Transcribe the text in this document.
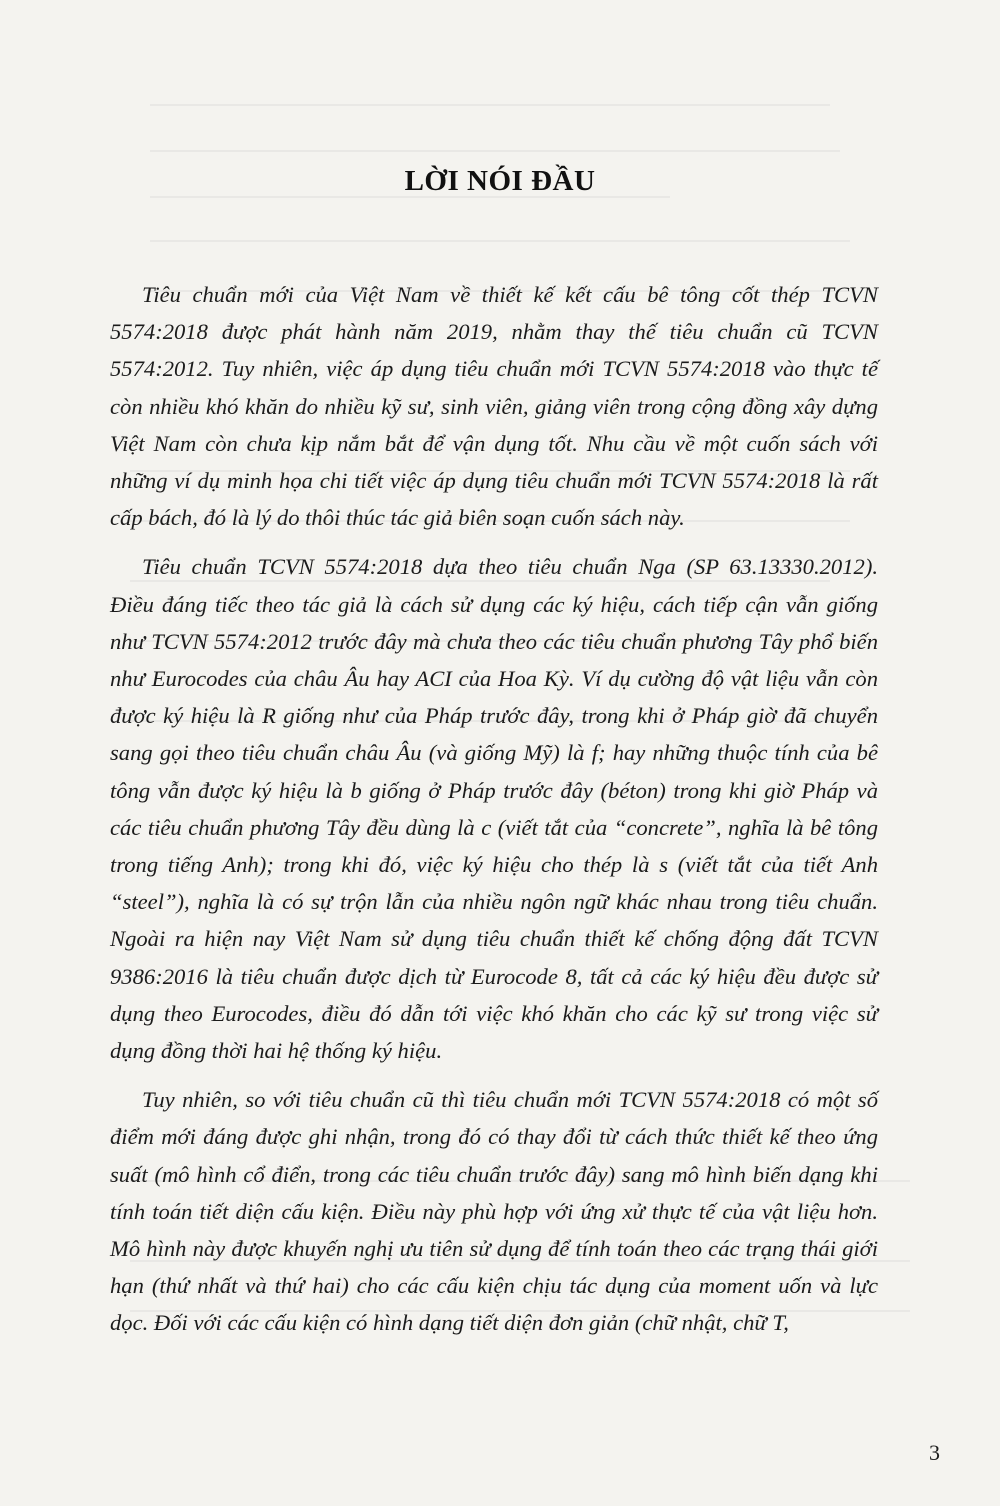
LỜI NÓI ĐẦU

Tiêu chuẩn mới của Việt Nam về thiết kế kết cấu bê tông cốt thép TCVN 5574:2018 được phát hành năm 2019, nhằm thay thế tiêu chuẩn cũ TCVN 5574:2012. Tuy nhiên, việc áp dụng tiêu chuẩn mới TCVN 5574:2018 vào thực tế còn nhiều khó khăn do nhiều kỹ sư, sinh viên, giảng viên trong cộng đồng xây dựng Việt Nam còn chưa kịp nắm bắt để vận dụng tốt. Nhu cầu về một cuốn sách với những ví dụ minh họa chi tiết việc áp dụng tiêu chuẩn mới TCVN 5574:2018 là rất cấp bách, đó là lý do thôi thúc tác giả biên soạn cuốn sách này.

Tiêu chuẩn TCVN 5574:2018 dựa theo tiêu chuẩn Nga (SP 63.13330.2012). Điều đáng tiếc theo tác giả là cách sử dụng các ký hiệu, cách tiếp cận vẫn giống như TCVN 5574:2012 trước đây mà chưa theo các tiêu chuẩn phương Tây phổ biến như Eurocodes của châu Âu hay ACI của Hoa Kỳ. Ví dụ cường độ vật liệu vẫn còn được ký hiệu là R giống như của Pháp trước đây, trong khi ở Pháp giờ đã chuyển sang gọi theo tiêu chuẩn châu Âu (và giống Mỹ) là f; hay những thuộc tính của bê tông vẫn được ký hiệu là b giống ở Pháp trước đây (béton) trong khi giờ Pháp và các tiêu chuẩn phương Tây đều dùng là c (viết tắt của “concrete”, nghĩa là bê tông trong tiếng Anh); trong khi đó, việc ký hiệu cho thép là s (viết tắt của tiết Anh “steel”), nghĩa là có sự trộn lẫn của nhiều ngôn ngữ khác nhau trong tiêu chuẩn. Ngoài ra hiện nay Việt Nam sử dụng tiêu chuẩn thiết kế chống động đất TCVN 9386:2016 là tiêu chuẩn được dịch từ Eurocode 8, tất cả các ký hiệu đều được sử dụng theo Eurocodes, điều đó dẫn tới việc khó khăn cho các kỹ sư trong việc sử dụng đồng thời hai hệ thống ký hiệu.

Tuy nhiên, so với tiêu chuẩn cũ thì tiêu chuẩn mới TCVN 5574:2018 có một số điểm mới đáng được ghi nhận, trong đó có thay đổi từ cách thức thiết kế theo ứng suất (mô hình cổ điển, trong các tiêu chuẩn trước đây) sang mô hình biến dạng khi tính toán tiết diện cấu kiện. Điều này phù hợp với ứng xử thực tế của vật liệu hơn. Mô hình này được khuyến nghị ưu tiên sử dụng để tính toán theo các trạng thái giới hạn (thứ nhất và thứ hai) cho các cấu kiện chịu tác dụng của moment uốn và lực dọc. Đối với các cấu kiện có hình dạng tiết diện đơn giản (chữ nhật, chữ T,

3
